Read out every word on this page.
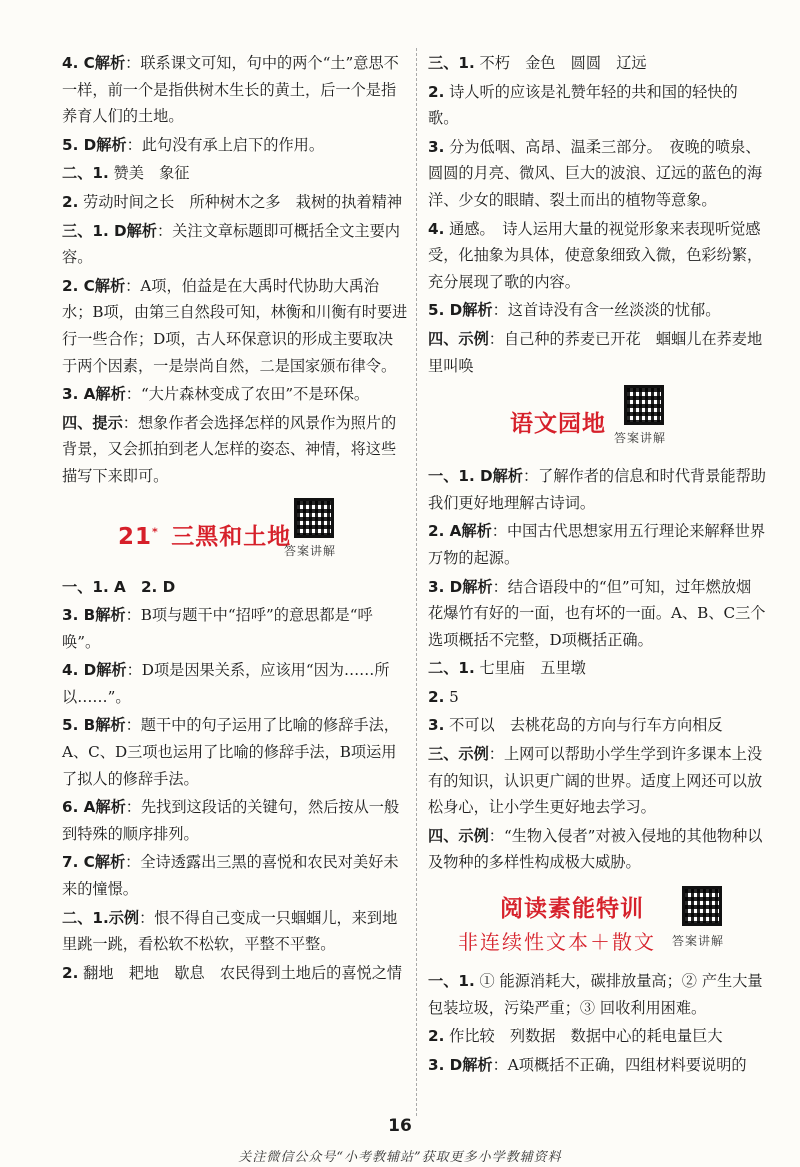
4. C解析：联系课文可知，句中的两个“土”意思不一样，前一个是指供树木生长的黄土，后一个是指养育人们的土地。
5. D解析：此句没有承上启下的作用。
二、1. 赞美　象征
2. 劳动时间之长　所种树木之多　栽树的执着精神
三、1. D解析：关注文章标题即可概括全文主要内容。
2. C解析：A项，伯益是在大禹时代协助大禹治水；B项，由第三自然段可知，林衡和川衡有时要进行一些合作；D项，古人环保意识的形成主要取决于两个因素，一是崇尚自然，二是国家颁布律令。
3. A解析：“大片森林变成了农田”不是环保。
四、提示：想象作者会选择怎样的风景作为照片的背景，又会抓拍到老人怎样的姿态、神情，将这些描写下来即可。
21*  三黑和土地
答案讲解
一、1. A　2. D
3. B解析：B项与题干中“招呼”的意思都是“呼唤”。
4. D解析：D项是因果关系，应该用“因为……所以……”。
5. B解析：题干中的句子运用了比喻的修辞手法，A、C、D三项也运用了比喻的修辞手法，B项运用了拟人的修辞手法。
6. A解析：先找到这段话的关键句，然后按从一般到特殊的顺序排列。
7. C解析：全诗透露出三黑的喜悦和农民对美好未来的憧憬。
二、1.示例：恨不得自己变成一只蝈蝈儿，来到地里跳一跳，看松软不松软，平整不平整。
2. 翻地　耙地　歇息　农民得到土地后的喜悦之情
三、1. 不朽　金色　圆圆　辽远
2. 诗人听的应该是礼赞年轻的共和国的轻快的歌。
3. 分为低咽、高昂、温柔三部分。　夜晚的喷泉、圆圆的月亮、微风、巨大的波浪、辽远的蓝色的海洋、少女的眼睛、裂土而出的植物等意象。
4. 通感。　诗人运用大量的视觉形象来表现听觉感受，化抽象为具体，使意象细致入微，色彩纷繁，充分展现了歌的内容。
5. D解析：这首诗没有含一丝淡淡的忧郁。
四、示例：自己种的荞麦已开花　蝈蝈儿在荞麦地里叫唤
语文园地
答案讲解
一、1. D解析：了解作者的信息和时代背景能帮助我们更好地理解古诗词。
2. A解析：中国古代思想家用五行理论来解释世界万物的起源。
3. D解析：结合语段中的“但”可知，过年燃放烟花爆竹有好的一面，也有坏的一面。A、B、C三个选项概括不完整，D项概括正确。
二、1. 七里庙　五里墩
2. 5
3. 不可以　去桃花岛的方向与行车方向相反
三、示例：上网可以帮助小学生学到许多课本上没有的知识，认识更广阔的世界。适度上网还可以放松身心，让小学生更好地去学习。
四、示例：“生物入侵者”对被入侵地的其他物种以及物种的多样性构成极大威胁。
阅读素能特训
非连续性文本＋散文 答案讲解
一、1. ① 能源消耗大，碳排放量高；② 产生大量包装垃圾，污染严重；③ 回收利用困难。
2. 作比较　列数据　数据中心的耗电量巨大
3. D解析：A项概括不正确，四组材料要说明的
16
关注微信公众号“小考教辅站”获取更多小学教辅资料
